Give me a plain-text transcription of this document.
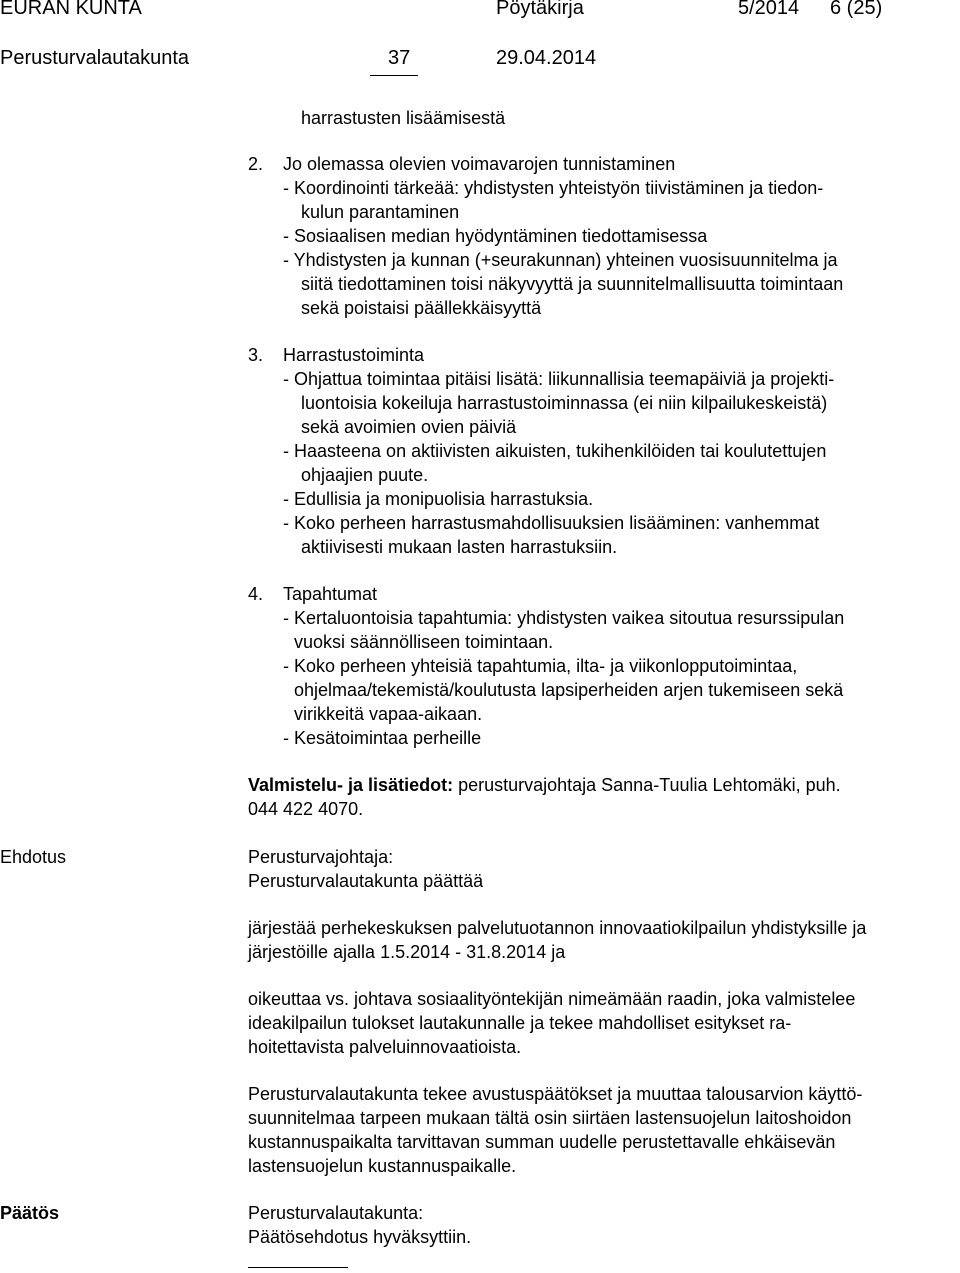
EURAN KUNTA	Pöytäkirja	5/2014 6 (25)
Perusturvalautakunta	37	29.04.2014
harrastusten lisäämisestä
2. Jo olemassa olevien voimavarojen tunnistaminen
- Koordinointi tärkeää: yhdistysten yhteistyön tiivistäminen ja tiedon-
kulun parantaminen
- Sosiaalisen median hyödyntäminen tiedottamisessa
- Yhdistysten ja kunnan (+seurakunnan) yhteinen vuosisuunnitelma ja
siitä tiedottaminen toisi näkyvyyttä ja suunnitelmallisuutta toimintaan
sekä poistaisi päällekkäisyyttä
3. Harrastustoiminta
- Ohjattua toimintaa pitäisi lisätä: liikunnallisia teemapäiviä ja projekti-
luontoisia kokeiluja harrastustoiminnassa (ei niin kilpailukeskeistä)
sekä avoimien ovien päiviä
- Haasteena on aktiivisten aikuisten, tukihenkilöiden tai koulutettujen
ohjaajien puute.
- Edullisia ja monipuolisia harrastuksia.
- Koko perheen harrastusmahdollisuuksien lisääminen: vanhemmat
aktiivisesti mukaan lasten harrastuksiin.
4. Tapahtumat
- Kertaluontoisia tapahtumia: yhdistysten vaikea sitoutua resurssipulan
vuoksi säännölliseen toimintaan.
- Koko perheen yhteisiä tapahtumia, ilta- ja viikonlopputoimintaa,
ohjelmaa/tekemistä/koulutusta lapsiperheiden arjen tukemiseen sekä
virikkeitä vapaa-aikaan.
- Kesätoimintaa perheille
Valmistelu- ja lisätiedot: perusturvajohtaja Sanna-Tuulia Lehtomäki, puh.
044 422 4070.
Ehdotus	Perusturvajohtaja:
Perusturvalautakunta päättää
järjestää perhekeskuksen palvelutuotannon innovaatiokilpailun yhdistyksille ja
järjestöille ajalla 1.5.2014 - 31.8.2014 ja
oikeuttaa vs. johtava sosiaalityöntekijän nimeämään raadin, joka valmistelee
ideakilpailun tulokset lautakunnalle ja tekee mahdolliset esitykset ra-
hoitettavista palveluinnovaatioista.
Perusturvalautakunta tekee avustuspäätökset ja muuttaa talousarvion käyttö-
suunnitelmaa tarpeen mukaan tältä osin siirtäen lastensuojelun laitoshoidon
kustannuspaikalta tarvittavan summan uudelle perustettavalle ehkäisevän
lastensuojelun kustannuspaikalle.
Päätös	Perusturvalautakunta:
Päätösehdotus hyväksyttiin.
